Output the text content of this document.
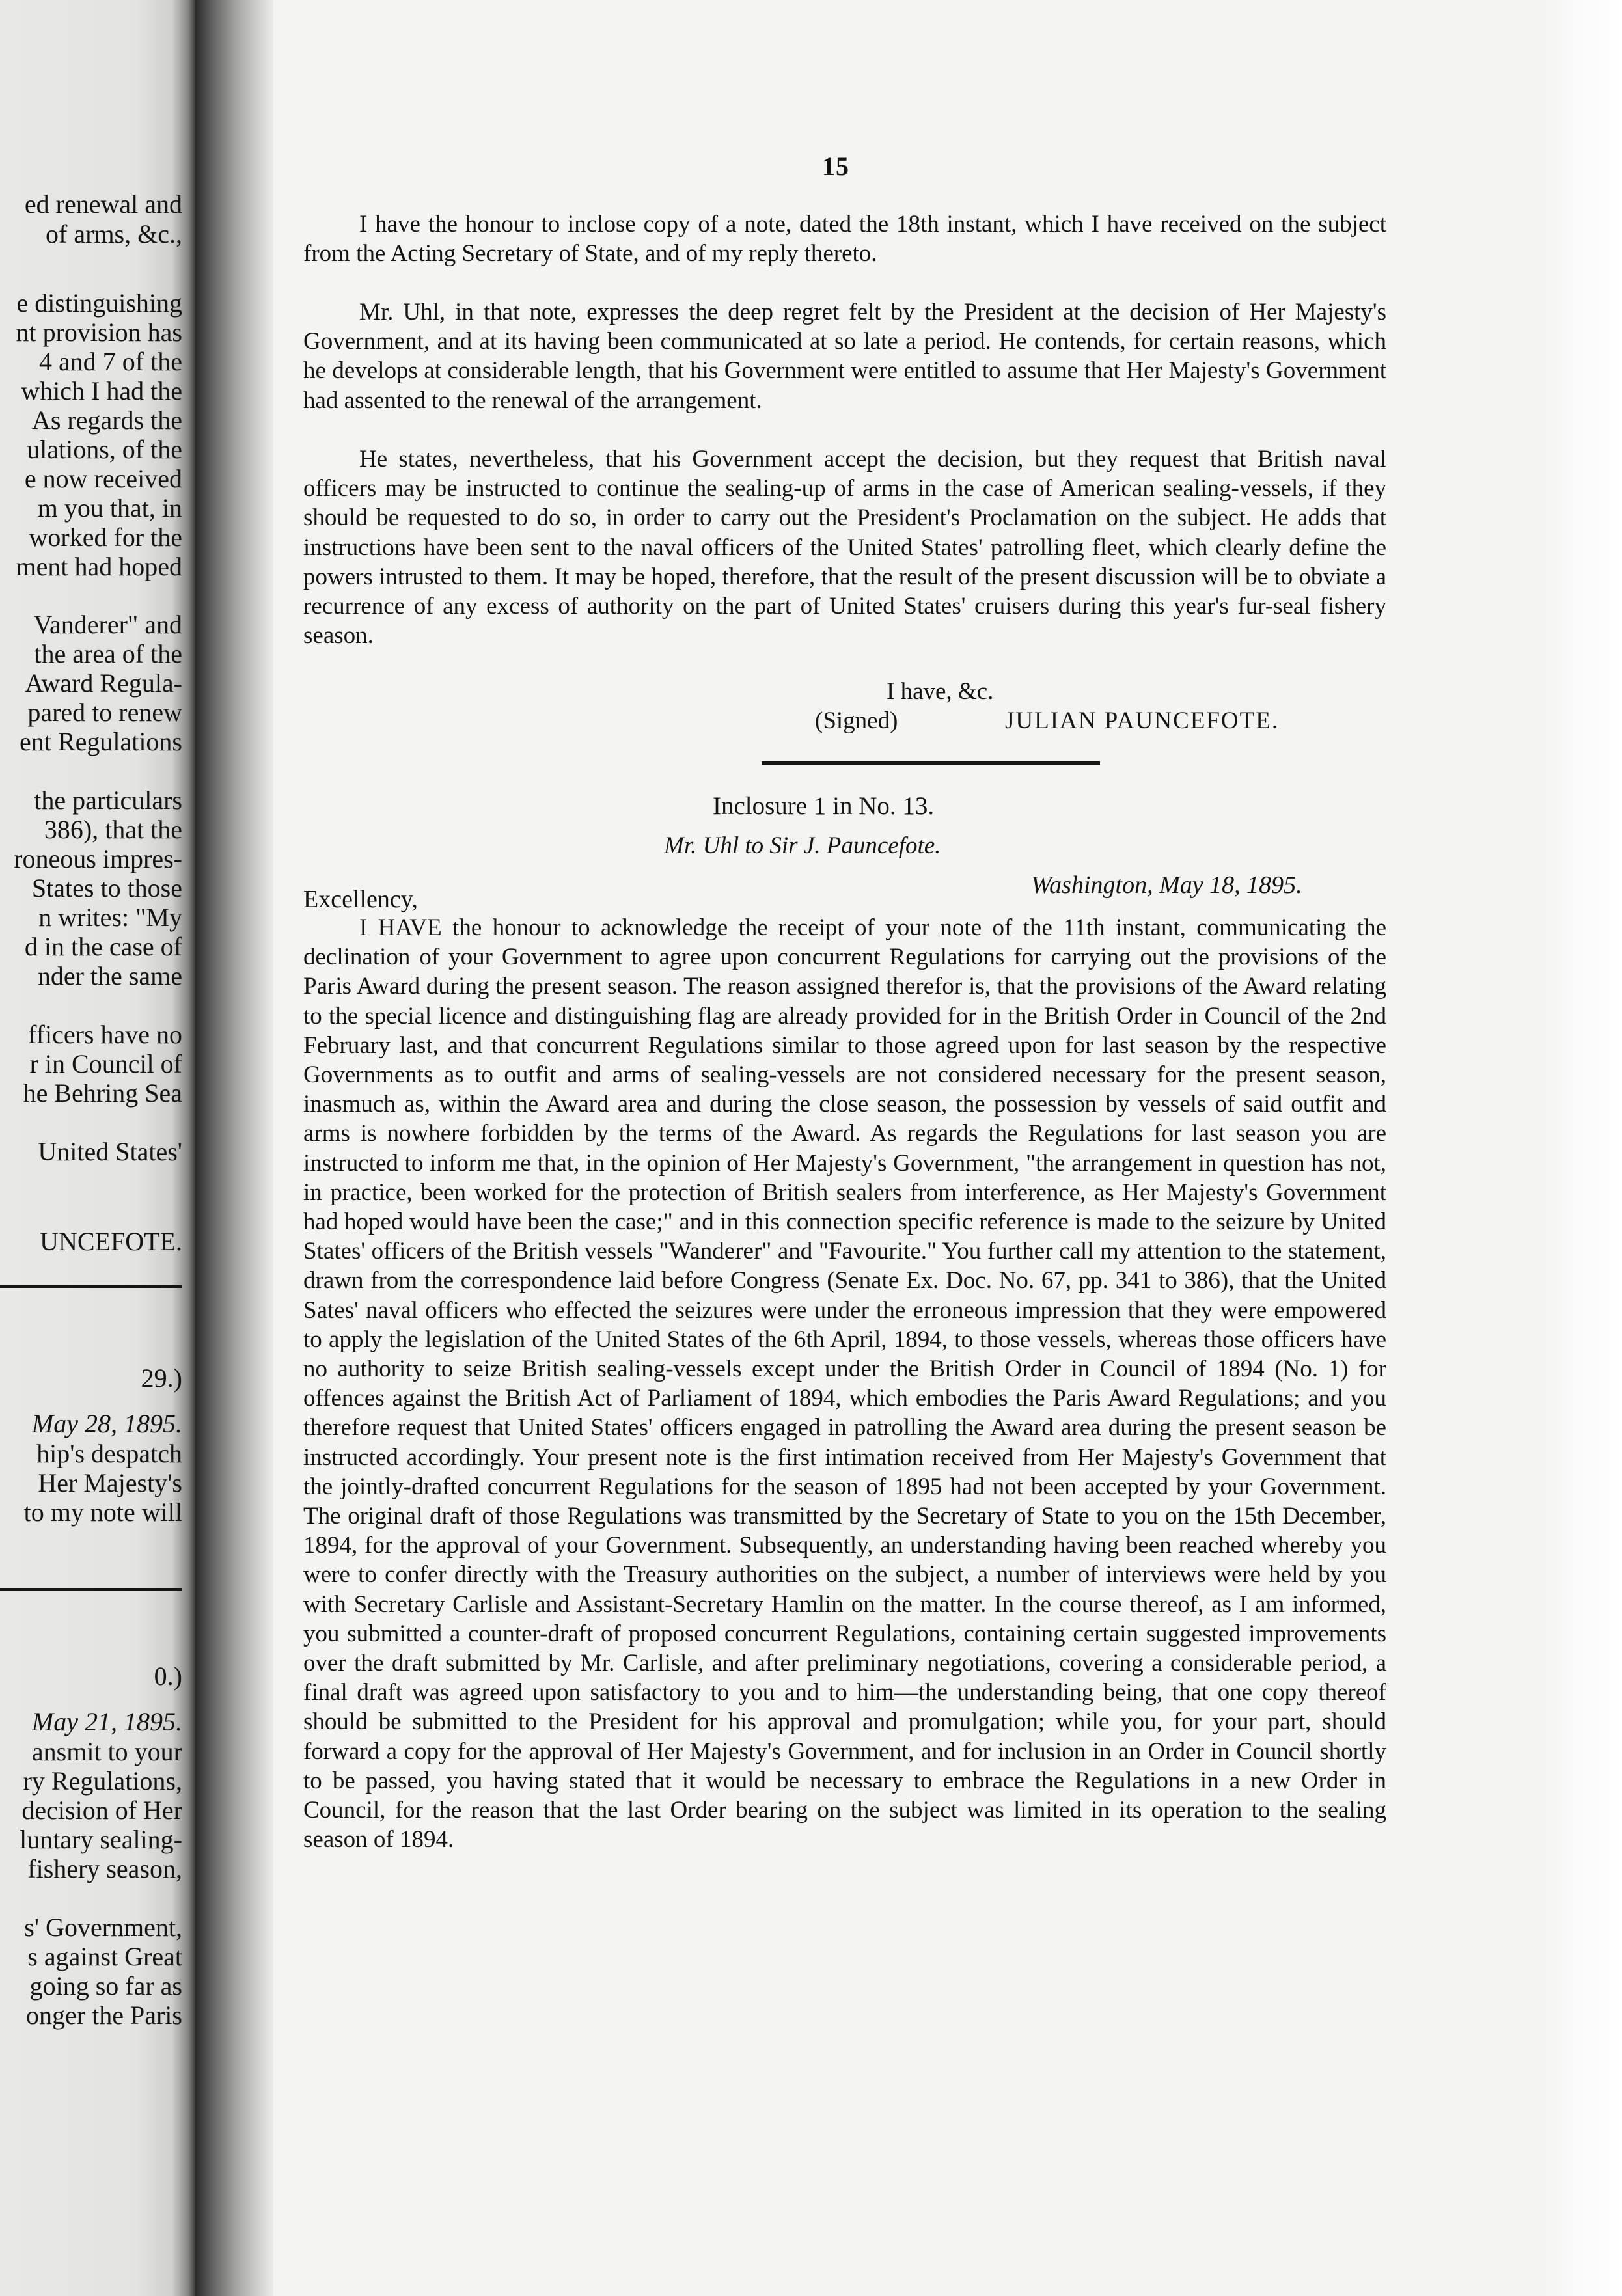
ed renewal and
of arms, &c.,
e distinguishing
nt provision has
4 and 7 of the
which I had the
As regards the
ulations, of the
e now received
m you that, in
worked for the
ment had hoped
Vanderer" and
the area of the
Award Regula-
pared to renew
ent Regulations
the particulars
386), that the
roneous impres-
States to those
n writes: "My
d in the case of
nder the same
fficers have no
r in Council of
he Behring Sea
United States'
UNCEFOTE.
29.)
May 28, 1895.
hip's despatch
Her Majesty's
to my note will
0.)
May 21, 1895.
ansmit to your
ry Regulations,
decision of Her
luntary sealing-
fishery season,
s' Government,
s against Great
going so far as
onger the Paris
15
I have the honour to inclose copy of a note, dated the 18th instant, which I have received on the subject from the Acting Secretary of State, and of my reply thereto.
Mr. Uhl, in that note, expresses the deep regret felt by the President at the decision of Her Majesty's Government, and at its having been communicated at so late a period. He contends, for certain reasons, which he develops at considerable length, that his Government were entitled to assume that Her Majesty's Government had assented to the renewal of the arrangement.
He states, nevertheless, that his Government accept the decision, but they request that British naval officers may be instructed to continue the sealing-up of arms in the case of American sealing-vessels, if they should be requested to do so, in order to carry out the President's Proclamation on the subject. He adds that instructions have been sent to the naval officers of the United States' patrolling fleet, which clearly define the powers intrusted to them. It may be hoped, therefore, that the result of the present discussion will be to obviate a recurrence of any excess of authority on the part of United States' cruisers during this year's fur-seal fishery season.
I have, &c.
(Signed)	JULIAN PAUNCEFOTE.
Inclosure 1 in No. 13.
Mr. Uhl to Sir J. Pauncefote.
Excellency,
Washington, May 18, 1895.
I HAVE the honour to acknowledge the receipt of your note of the 11th instant, communicating the declination of your Government to agree upon concurrent Regulations for carrying out the provisions of the Paris Award during the present season. The reason assigned therefor is, that the provisions of the Award relating to the special licence and distinguishing flag are already provided for in the British Order in Council of the 2nd February last, and that concurrent Regulations similar to those agreed upon for last season by the respective Governments as to outfit and arms of sealing-vessels are not considered necessary for the present season, inasmuch as, within the Award area and during the close season, the possession by vessels of said outfit and arms is nowhere forbidden by the terms of the Award. As regards the Regulations for last season you are instructed to inform me that, in the opinion of Her Majesty's Government, "the arrangement in question has not, in practice, been worked for the protection of British sealers from interference, as Her Majesty's Government had hoped would have been the case;" and in this connection specific reference is made to the seizure by United States' officers of the British vessels "Wanderer" and "Favourite." You further call my attention to the statement, drawn from the correspondence laid before Congress (Senate Ex. Doc. No. 67, pp. 341 to 386), that the United Sates' naval officers who effected the seizures were under the erroneous impression that they were empowered to apply the legislation of the United States of the 6th April, 1894, to those vessels, whereas those officers have no authority to seize British sealing-vessels except under the British Order in Council of 1894 (No. 1) for offences against the British Act of Parliament of 1894, which embodies the Paris Award Regulations; and you therefore request that United States' officers engaged in patrolling the Award area during the present season be instructed accordingly. Your present note is the first intimation received from Her Majesty's Government that the jointly-drafted concurrent Regulations for the season of 1895 had not been accepted by your Government. The original draft of those Regulations was transmitted by the Secretary of State to you on the 15th December, 1894, for the approval of your Government. Subsequently, an understanding having been reached whereby you were to confer directly with the Treasury authorities on the subject, a number of interviews were held by you with Secretary Carlisle and Assistant-Secretary Hamlin on the matter. In the course thereof, as I am informed, you submitted a counter-draft of proposed concurrent Regulations, containing certain suggested improvements over the draft submitted by Mr. Carlisle, and after preliminary negotiations, covering a considerable period, a final draft was agreed upon satisfactory to you and to him—the understanding being, that one copy thereof should be submitted to the President for his approval and promulgation; while you, for your part, should forward a copy for the approval of Her Majesty's Government, and for inclusion in an Order in Council shortly to be passed, you having stated that it would be necessary to embrace the Regulations in a new Order in Council, for the reason that the last Order bearing on the subject was limited in its operation to the sealing season of 1894.
